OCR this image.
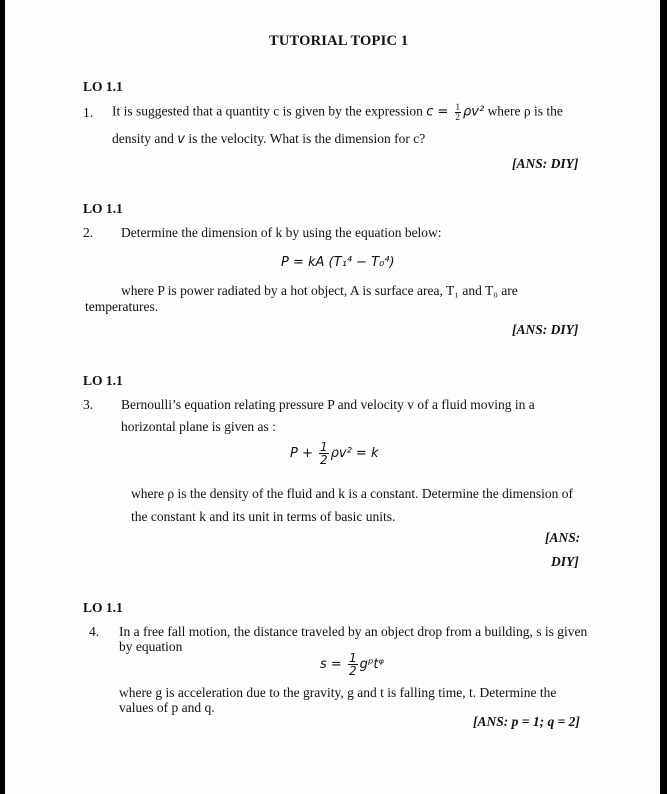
TUTORIAL TOPIC 1
LO 1.1
1. It is suggested that a quantity c is given by the expression $c = \frac{1}{2} \rho v^2$ where ρ is the
density and v is the velocity. What is the dimension for c?
[ANS: DIY]
LO 1.1
2. Determine the dimension of k by using the equation below:
P = kA (T₁⁴ − T₀⁴)
where P is power radiated by a hot object, A is surface area, T₁ and T₀ are
temperatures.
[ANS: DIY]
LO 1.1
3. Bernoulli’s equation relating pressure P and velocity v of a fluid moving in a
horizontal plane is given as :
$P + \frac{1}{2} \rho v^2 = k$
where ρ is the density of the fluid and k is a constant. Determine the dimension of
the constant k and its unit in terms of basic units.
[ANS:
DIY]
LO 1.1
4. In a free fall motion, the distance traveled by an object drop from a building, s is given
by equation
$s = \frac{1}{2}$ gᵖtᵠ
where g is acceleration due to the gravity, g and t is falling time, t. Determine the
values of p and q.
[ANS: p = 1; q = 2]
